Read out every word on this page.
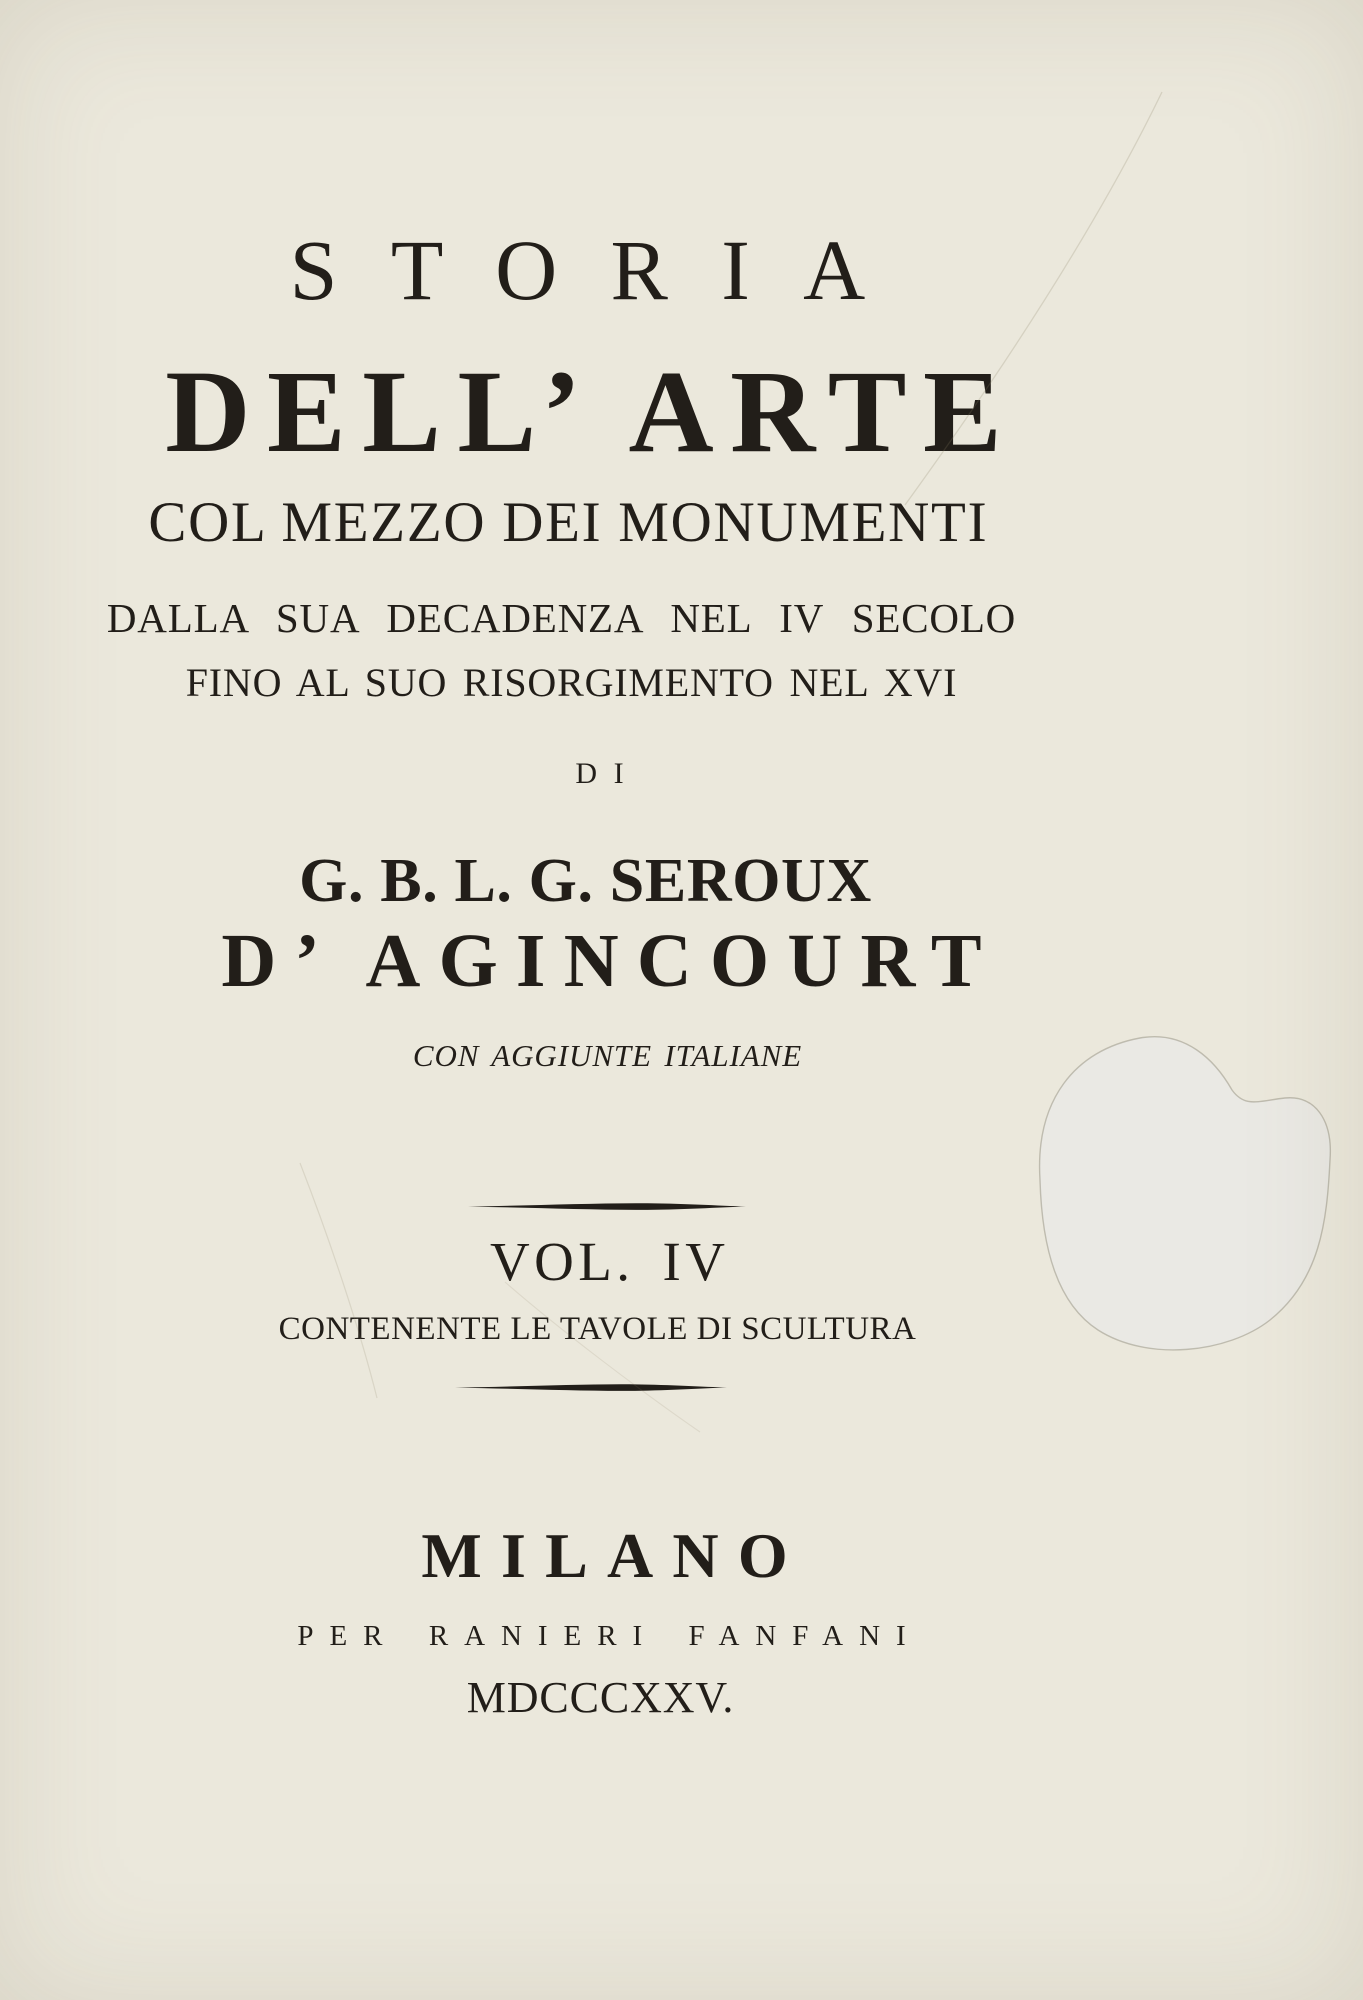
STORIA
DELL’ ARTE
COL MEZZO DEI MONUMENTI
DALLA SUA DECADENZA NEL IV SECOLO
FINO AL SUO RISORGIMENTO NEL XVI
DI
G. B. L. G. SEROUX
D’ AGINCOURT
CON AGGIUNTE ITALIANE
VOL. IV
CONTENENTE LE TAVOLE DI SCULTURA
MILANO
PER RANIERI FANFANI
MDCCCXXV.
